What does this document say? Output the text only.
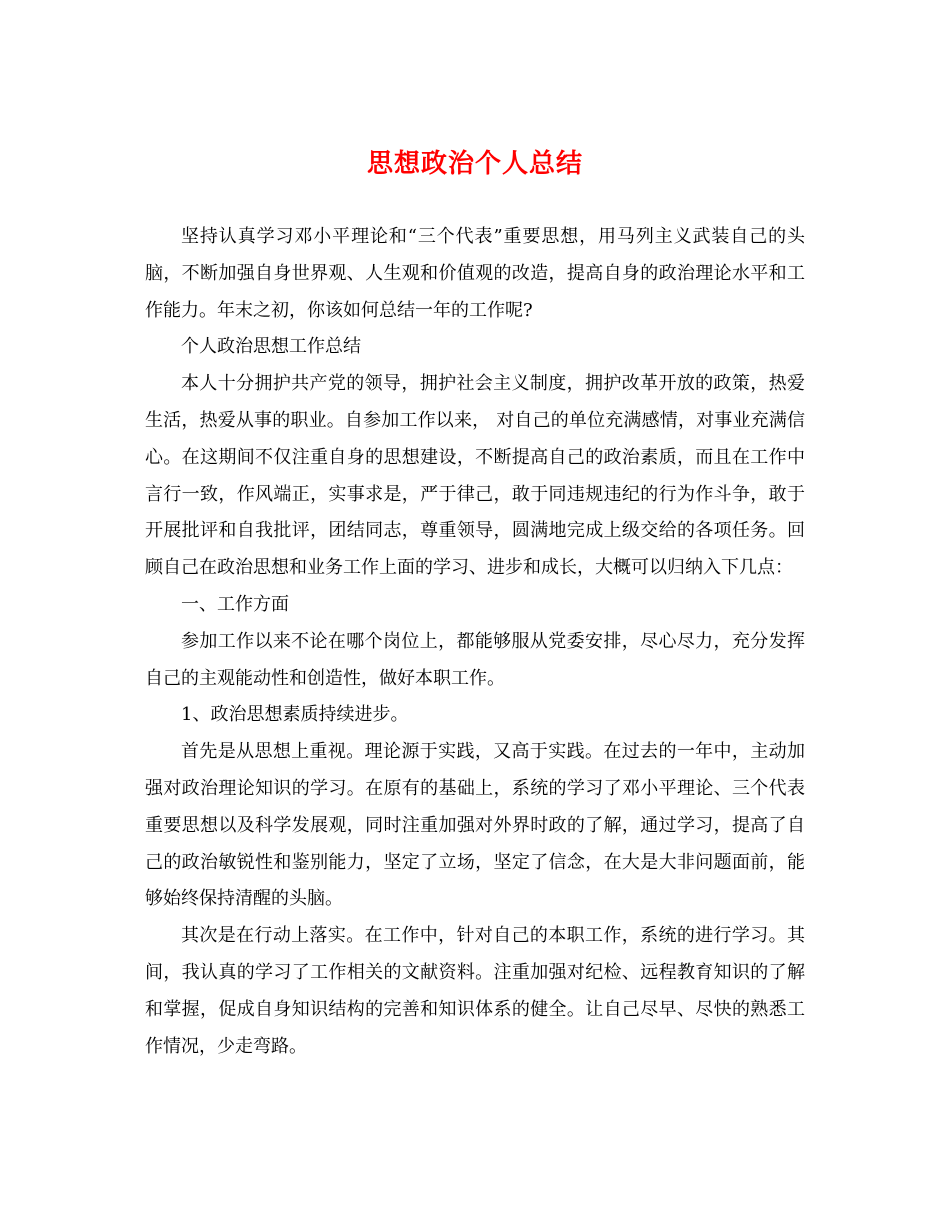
思想政治个人总结

坚持认真学习邓小平理论和“三个代表”重要思想，用马列主义武装自己的头脑，不断加强自身世界观、人生观和价值观的改造，提高自身的政治理论水平和工作能力。年末之初，你该如何总结一年的工作呢?

个人政治思想工作总结

本人十分拥护共产党的领导，拥护社会主义制度，拥护改革开放的政策，热爱生活，热爱从事的职业。自参加工作以来， 对自己的单位充满感情，对事业充满信心。在这期间不仅注重自身的思想建设，不断提高自己的政治素质，而且在工作中言行一致，作风端正，实事求是，严于律己，敢于同违规违纪的行为作斗争，敢于开展批评和自我批评，团结同志，尊重领导，圆满地完成上级交给的各项任务。回顾自己在政治思想和业务工作上面的学习、进步和成长，大概可以归纳入下几点：

一、工作方面

参加工作以来不论在哪个岗位上，都能够服从党委安排，尽心尽力，充分发挥自己的主观能动性和创造性，做好本职工作。

1、政治思想素质持续进步。

首先是从思想上重视。理论源于实践，又高于实践。在过去的一年中，主动加强对政治理论知识的学习。在原有的基础上，系统的学习了邓小平理论、三个代表重要思想以及科学发展观，同时注重加强对外界时政的了解，通过学习，提高了自己的政治敏锐性和鉴别能力，坚定了立场，坚定了信念，在大是大非问题面前，能够始终保持清醒的头脑。

其次是在行动上落实。在工作中，针对自己的本职工作，系统的进行学习。其间，我认真的学习了工作相关的文献资料。注重加强对纪检、远程教育知识的了解和掌握，促成自身知识结构的完善和知识体系的健全。让自己尽早、尽快的熟悉工作情况，少走弯路。
